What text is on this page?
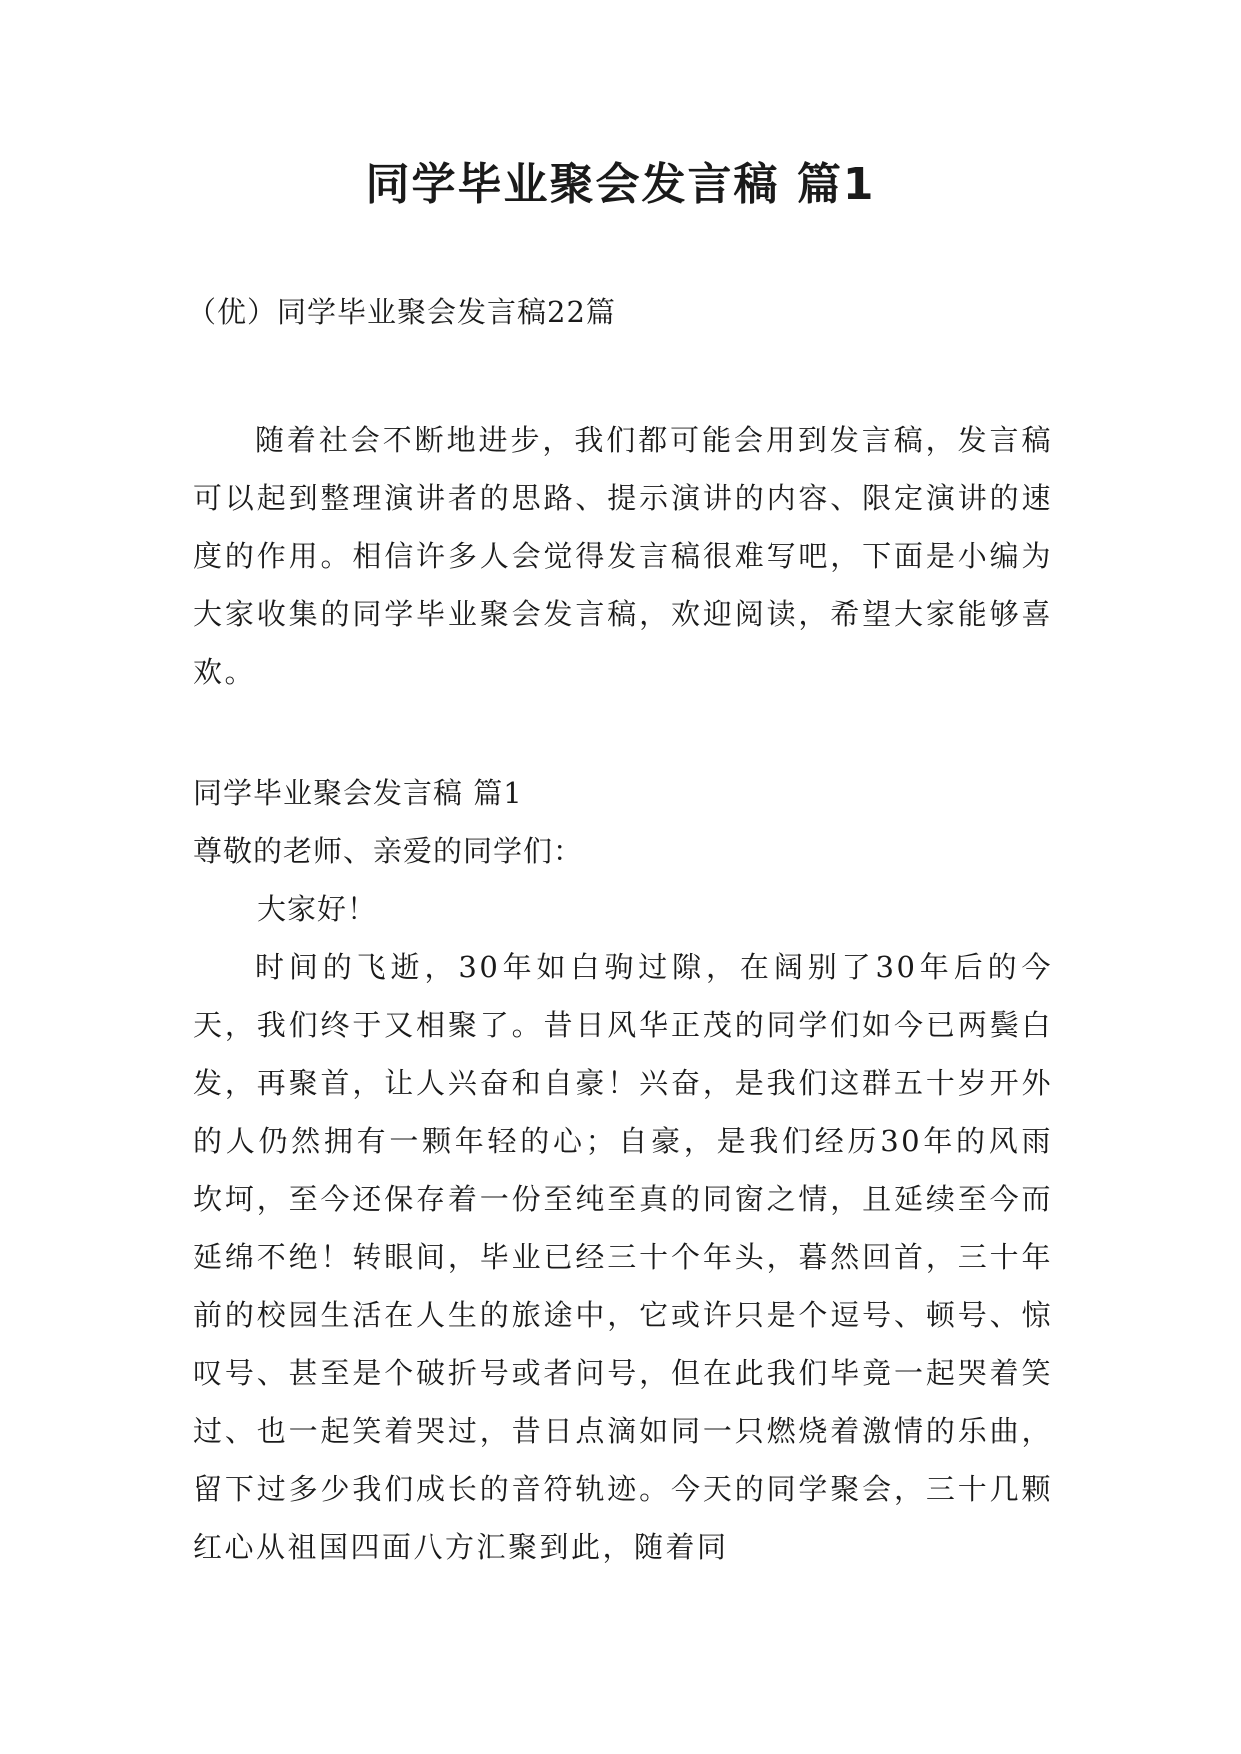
同学毕业聚会发言稿 篇1
（优）同学毕业聚会发言稿22篇

随着社会不断地进步，我们都可能会用到发言稿，发言稿可以起到整理演讲者的思路、提示演讲的内容、限定演讲的速度的作用。相信许多人会觉得发言稿很难写吧，下面是小编为大家收集的同学毕业聚会发言稿，欢迎阅读，希望大家能够喜欢。

同学毕业聚会发言稿 篇1
尊敬的老师、亲爱的同学们：
大家好！

时间的飞逝，30年如白驹过隙，在阔别了30年后的今天，我们终于又相聚了。昔日风华正茂的同学们如今已两鬓白发，再聚首，让人兴奋和自豪！兴奋，是我们这群五十岁开外的人仍然拥有一颗年轻的心；自豪，是我们经历30年的风雨坎坷，至今还保存着一份至纯至真的同窗之情，且延续至今而延绵不绝！转眼间，毕业已经三十个年头，暮然回首，三十年前的校园生活在人生的旅途中，它或许只是个逗号、顿号、惊叹号、甚至是个破折号或者问号，但在此我们毕竟一起哭着笑过、也一起笑着哭过，昔日点滴如同一只燃烧着激情的乐曲，留下过多少我们成长的音符轨迹。今天的同学聚会，三十几颗红心从祖国四面八方汇聚到此，随着同
